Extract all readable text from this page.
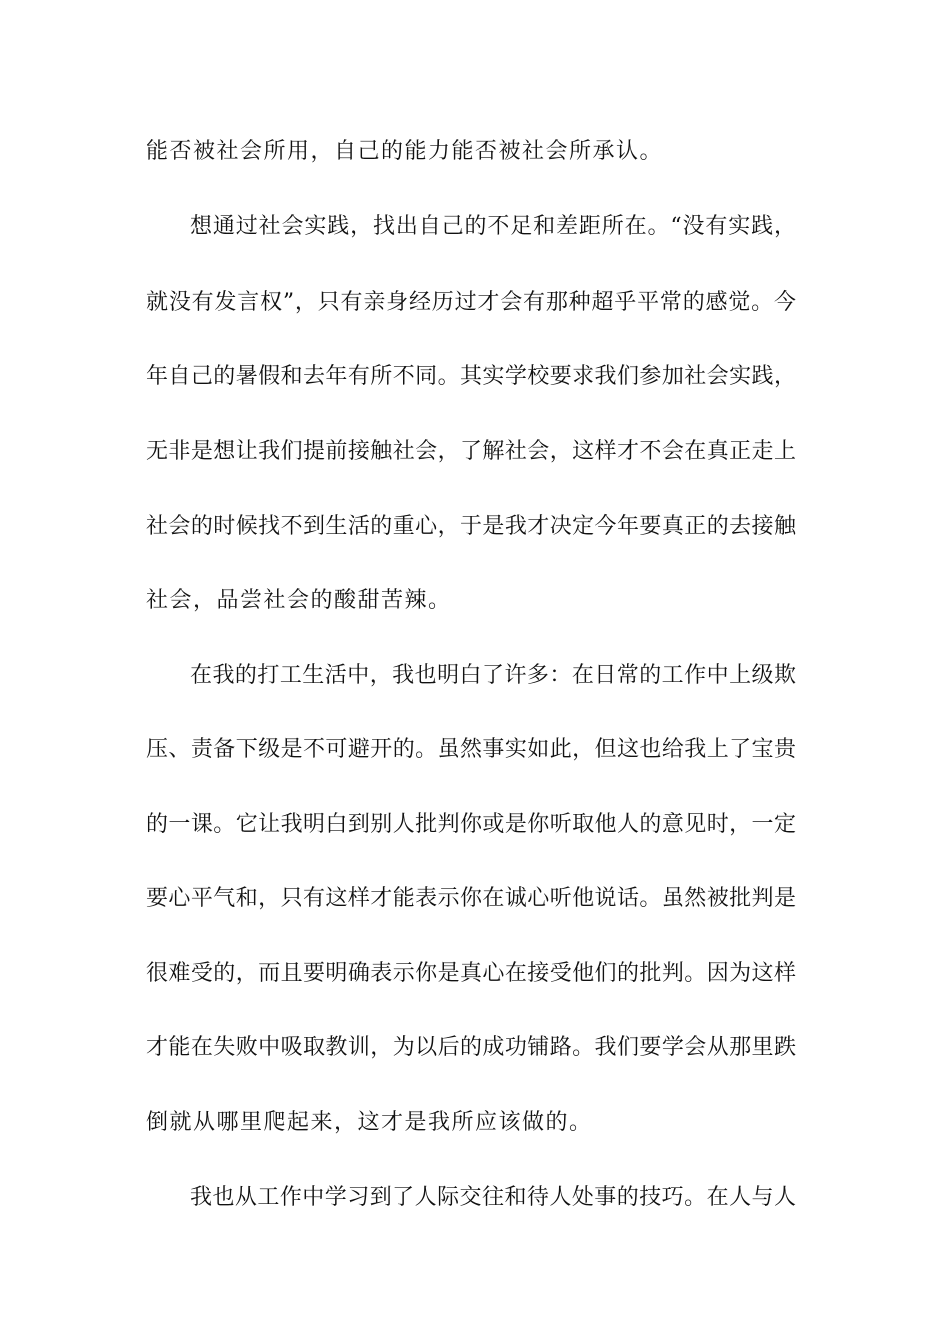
能否被社会所用，自己的能力能否被社会所承认。
想通过社会实践，找出自己的不足和差距所在。“没有实践，
就没有发言权”，只有亲身经历过才会有那种超乎平常的感觉。今
年自己的暑假和去年有所不同。其实学校要求我们参加社会实践，
无非是想让我们提前接触社会，了解社会，这样才不会在真正走上
社会的时候找不到生活的重心，于是我才决定今年要真正的去接触
社会，品尝社会的酸甜苦辣。
在我的打工生活中，我也明白了许多：在日常的工作中上级欺
压、责备下级是不可避开的。虽然事实如此，但这也给我上了宝贵
的一课。它让我明白到别人批判你或是你听取他人的意见时，一定
要心平气和，只有这样才能表示你在诚心听他说话。虽然被批判是
很难受的，而且要明确表示你是真心在接受他们的批判。因为这样
才能在失败中吸取教训，为以后的成功铺路。我们要学会从那里跌
倒就从哪里爬起来，这才是我所应该做的。
我也从工作中学习到了人际交往和待人处事的技巧。在人与人
